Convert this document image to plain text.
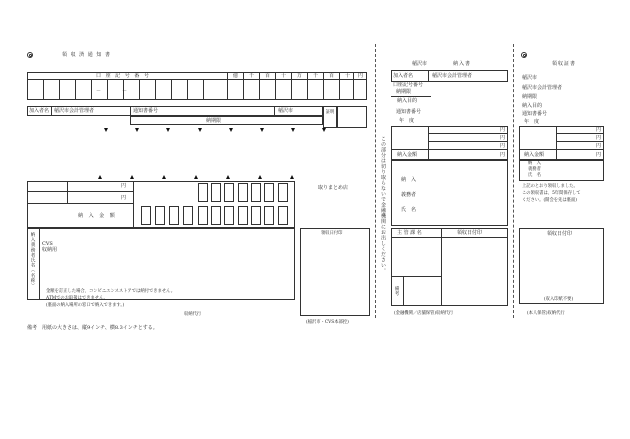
領 収 済 通 知 書
口 座 記 号 番 号
－	－
億 千 百 十 万 千 百 十 円
加入者名 稲沢市会計管理者	通知書番号	稲沢市
納期限
証明
円
円
納 入 金 額
納入義務者氏名（名称） CVS
収納用
金額を訂正した場合、コンビニエンスストアでは納付できません。
ATMでのお取扱はできません。
(裏面の納入場所の窓口で納入できます。)
収納代行
領収日付印
(稲沢市・CVS本部控)
取りまとめ店	この部分は切り取らないで金融機関にお出しください。
稲沢市	納入書
加入者名	稲沢市会計管理者
口座記号番号
納期限
納入目的
通知書番号
年　度
円
円
円
納入金額	円
納　入
義務者
氏　名
主 管 課 名	領収日付印
備考
(金融機関／店舗保管)収納代行
領収証書
稲沢市
稲沢市会計管理者
納期限
納入目的
通知書番号
年　度
円
円
円
納入金額	円
納　入
義務者
氏　名
上記のとおり領収しました。
この領収書は、5年間保存して
ください。(開会を先は裏面)
領収日付印
(収入印紙不要)
(本人保管)収納代行
備考　用紙の大きさは、縦9インチ、横8.3インチとする。
